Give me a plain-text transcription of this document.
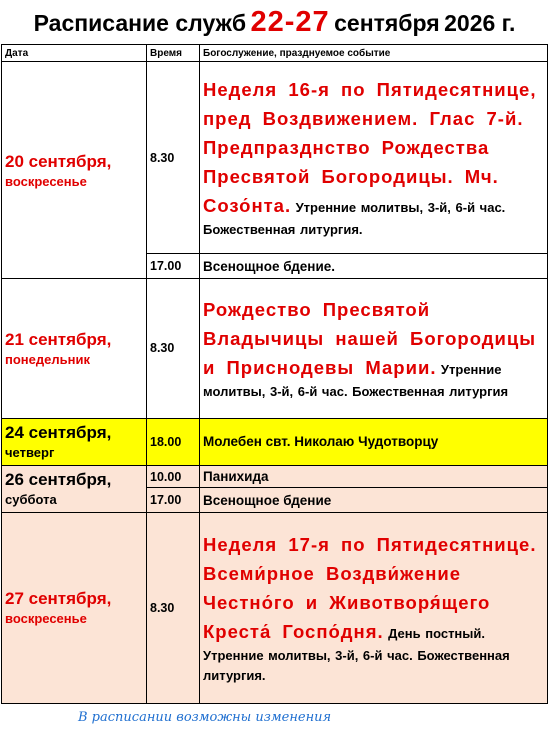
Расписание служб 22-27 сентября 2026 г.
Дата	Время	Богослужение, празднуемое событие

20 сентября,
воскресенье	8.30	Неделя 16-я по Пятидесятнице, пред Воздвижением. Глас 7-й. Предпразднство Рождества Пресвятой Богородицы. Мч. Созо́нта. Утренние молитвы, 3-й, 6-й час. Божественная литургия.
	17.00	Всенощное бдение.

21 сентября,
понедельник	8.30	Рождество Пресвятой Владычицы нашей Богородицы и Приснодевы Марии. Утренние молитвы, 3-й, 6-й час. Божественная литургия

24 сентября,
четверг	18.00	Молебен свт. Николаю Чудотворцу

26 сентября,
суббота	10.00	Панихида
	17.00	Всенощное бдение

27 сентября,
воскресенье	8.30	Неделя 17-я по Пятидесятнице. Всеми́рное Воздви́жение Честно́го и Животворя́щего Креста́ Госпо́дня. День постный. Утренние молитвы, 3-й, 6-й час. Божественная литургия.
В расписании возможны изменения
